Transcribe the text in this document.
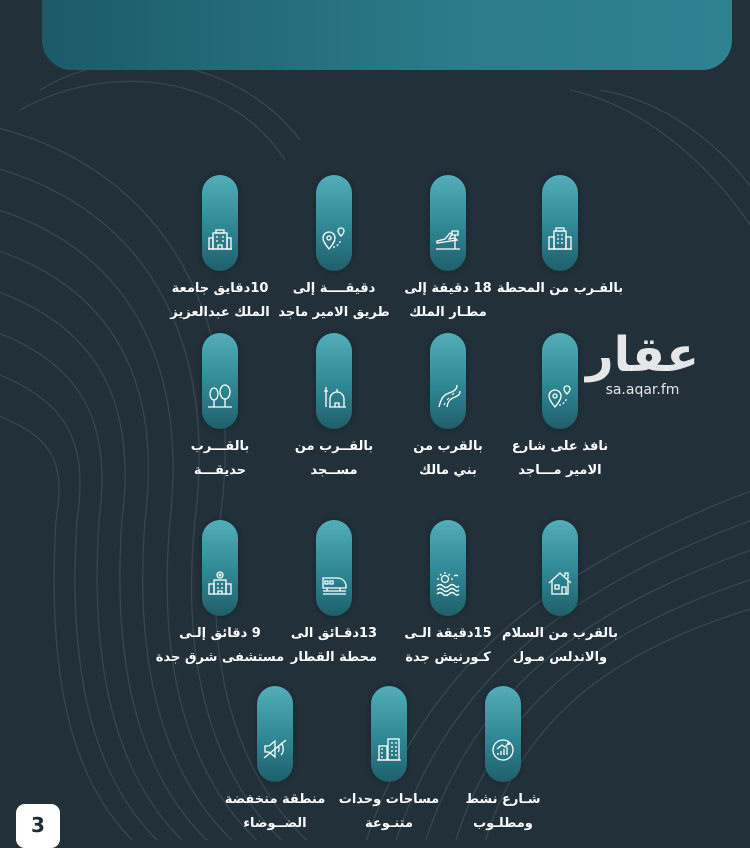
عقار
sa.aqar.fm
بالقـرب من المحطة
18 دقيقة إلى
مطـار الملك
دقيقــــة إلى
طريق الامير ماجد
10دقايق جامعة
الملك عبدالعزيز
نافذ على شارع
الامير مـــاجد
بالقرب من
بني مالك
بالقــرب من
مســجد
بالقـــرب
حديقـــة
بالقرب من السلام
والاندلس مـول
15دقيقة الـى
كـورنيش جدة
13دقـائق الى
محطة القطار
9 دقائق إلـى
مستشفى شرق جدة
شـارع نشط
ومطلـوب
مساحات وحدات
متنـوعة
منطقة منخفضة
الضــوضاء
3
